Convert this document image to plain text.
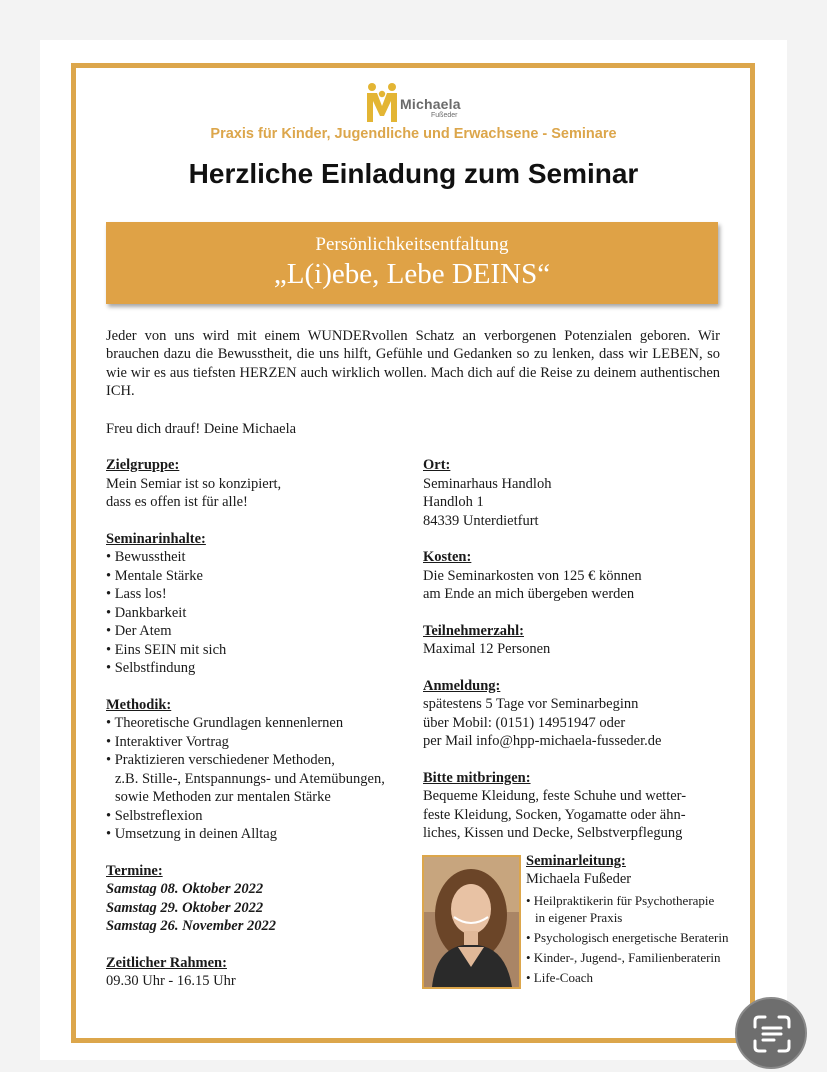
Michaela
Fußeder
Praxis für Kinder, Jugendliche und Erwachsene - Seminare
Herzliche Einladung zum Seminar
Persönlichkeitsentfaltung
„L(i)ebe, Lebe DEINS“
Jeder von uns wird mit einem WUNDERvollen Schatz an verborgenen Potenzialen geboren. Wir brauchen dazu die Bewusstheit, die uns hilft, Gefühle und Gedanken so zu lenken, dass wir LEBEN, so wie wir es aus tiefsten HERZEN auch wirklich wollen. Mach dich auf die Reise zu deinem authentischen ICH.
Freu dich drauf! Deine Michaela
Zielgruppe:
Mein Semiar ist so konzipiert,
dass es offen ist für alle!
Seminarinhalte:
• Bewusstheit
• Mentale Stärke
• Lass los!
• Dankbarkeit
• Der Atem
• Eins SEIN mit sich
• Selbstfindung
Methodik:
• Theoretische Grundlagen kennenlernen
• Interaktiver Vortrag
• Praktizieren verschiedener Methoden,
z.B. Stille-, Entspannungs- und Atemübungen,
sowie Methoden zur mentalen Stärke
• Selbstreflexion
• Umsetzung in deinen Alltag
Termine:
Samstag 08. Oktober 2022
Samstag 29. Oktober 2022
Samstag 26. November 2022
Zeitlicher Rahmen:
09.30 Uhr - 16.15 Uhr
Ort:
Seminarhaus Handloh
Handloh 1
84339 Unterdietfurt
Kosten:
Die Seminarkosten von 125 € können
am Ende an mich übergeben werden
Teilnehmerzahl:
Maximal 12 Personen
Anmeldung:
spätestens 5 Tage vor Seminarbeginn
über Mobil: (0151) 14951947 oder
per Mail info@hpp-michaela-fusseder.de
Bitte mitbringen:
Bequeme Kleidung, feste Schuhe und wetter-
feste Kleidung, Socken, Yogamatte oder ähn-
liches, Kissen und Decke, Selbstverpflegung
Seminarleitung:
Michaela Fußeder
• Heilpraktikerin für Psychotherapie
in eigener Praxis
• Psychologisch energetische Beraterin
• Kinder-, Jugend-, Familienberaterin
• Life-Coach
